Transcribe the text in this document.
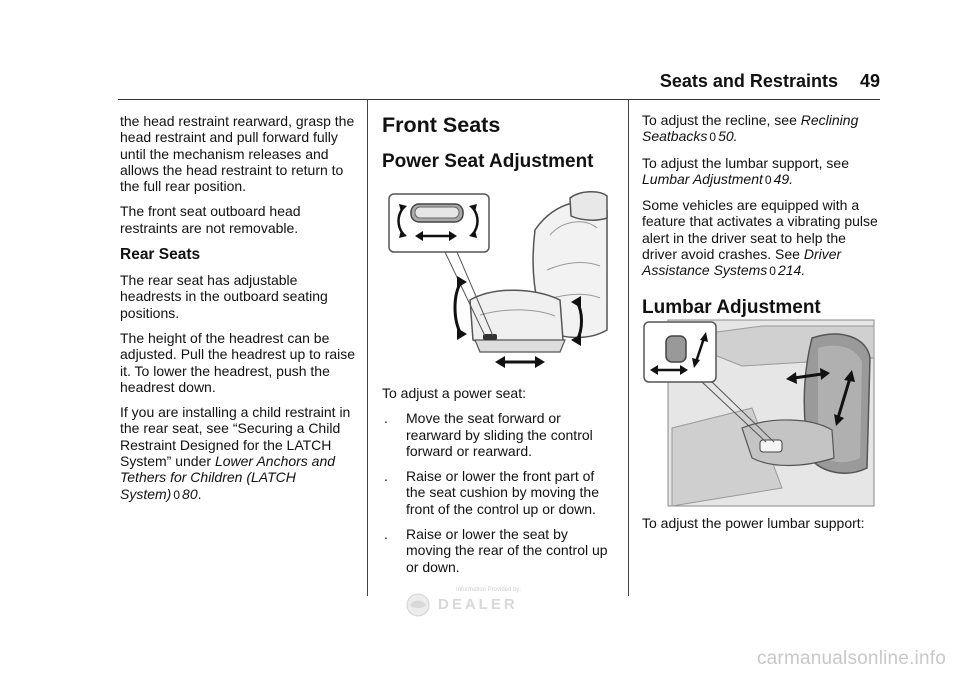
Seats and Restraints 49

the head restraint rearward, grasp the head restraint and pull forward fully until the mechanism releases and allows the head restraint to return to the full rear position.

The front seat outboard head restraints are not removable.

Rear Seats

The rear seat has adjustable headrests in the outboard seating positions.

The height of the headrest can be adjusted. Pull the headrest up to raise it. To lower the headrest, push the headrest down.

If you are installing a child restraint in the rear seat, see “Securing a Child Restraint Designed for the LATCH System” under Lower Anchors and Tethers for Children (LATCH System) 0 80.

Front Seats
Power Seat Adjustment

To adjust a power seat:

.	Move the seat forward or rearward by sliding the control forward or rearward.
.	Raise or lower the front part of the seat cushion by moving the front of the control up or down.
.	Raise or lower the seat by moving the rear of the control up or down.

To adjust the recline, see Reclining Seatbacks 0 50.

To adjust the lumbar support, see Lumbar Adjustment 0 49.

Some vehicles are equipped with a feature that activates a vibrating pulse alert in the driver seat to help the driver avoid crashes. See Driver Assistance Systems 0 214.

Lumbar Adjustment

To adjust the power lumbar support:

Information Provided by:
DEALER
carmanualsonline.info
